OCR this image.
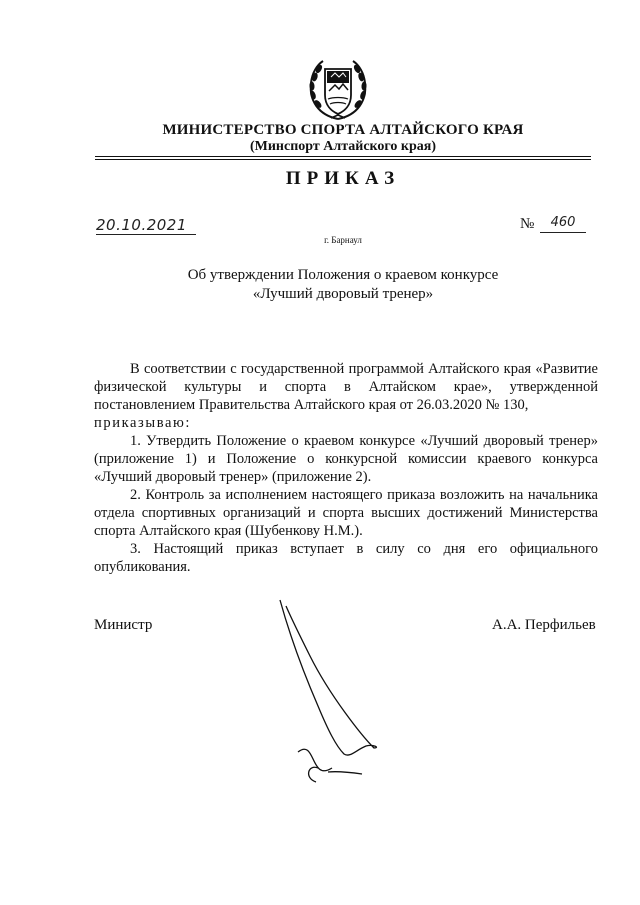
МИНИСТЕРСТВО СПОРТА АЛТАЙСКОГО КРАЯ
(Минспорт Алтайского края)
ПРИКАЗ
20.10.2021	№	460
г. Барнаул
Об утверждении Положения о краевом конкурсе
«Лучший дворовый тренер»

В соответствии с государственной программой Алтайского края «Развитие физической культуры и спорта в Алтайском крае», утвержденной постановлением Правительства Алтайского края от 26.03.2020 № 130,
приказываю:

1. Утвердить Положение о краевом конкурсе «Лучший дворовый тренер» (приложение 1) и Положение о конкурсной комиссии краевого конкурса «Лучший дворовый тренер» (приложение 2).

2. Контроль за исполнением настоящего приказа возложить на начальника отдела спортивных организаций и спорта высших достижений Министерства спорта Алтайского края (Шубенкову Н.М.).

3. Настоящий приказ вступает в силу со дня его официального опубликования.

Министр	А.А. Перфильев
